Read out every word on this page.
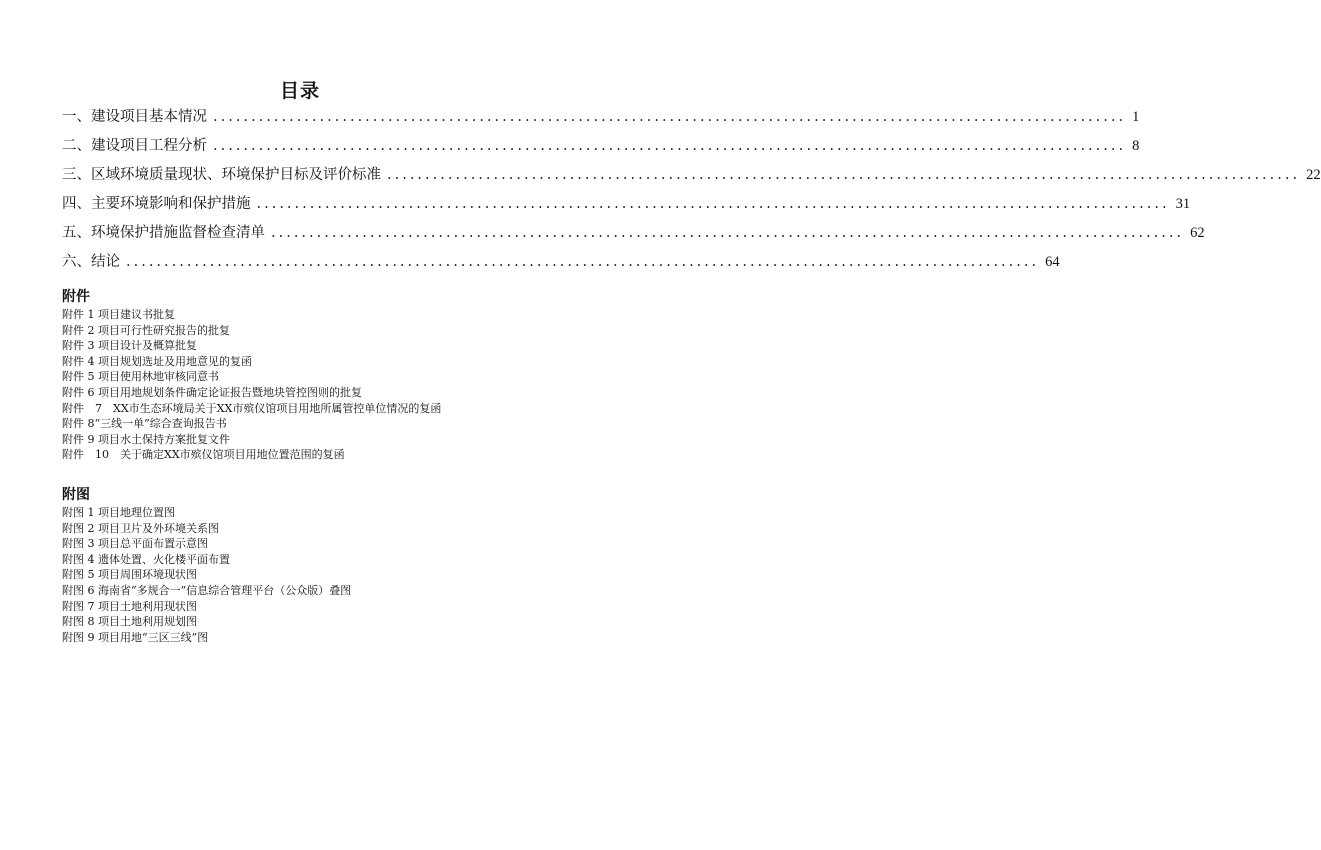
目录
一、建设项目基本情况 ........................................................................................................................ 1
二、建设项目工程分析 ........................................................................................................................ 8
三、区域环境质量现状、环境保护目标及评价标准 ........................................................................................................................ 22
四、主要环境影响和保护措施 ........................................................................................................................ 31
五、环境保护措施监督检查清单 ........................................................................................................................ 62
六、结论 ........................................................................................................................ 64
附件
附件 1 项目建议书批复
附件 2 项目可行性研究报告的批复
附件 3 项目设计及概算批复
附件 4 项目规划选址及用地意见的复函
附件 5 项目使用林地审核同意书
附件 6 项目用地规划条件确定论证报告暨地块管控图则的批复
附件　7　XX市生态环境局关于XX市殡仪馆项目用地所属管控单位情况的复函
附件 8“三线一单”综合查询报告书
附件 9 项目水土保持方案批复文件
附件　10　关于确定XX市殡仪馆项目用地位置范围的复函
附图
附图 1 项目地理位置图
附图 2 项目卫片及外环境关系图
附图 3 项目总平面布置示意图
附图 4 遗体处置、火化楼平面布置
附图 5 项目周围环境现状图
附图 6 海南省“多规合一”信息综合管理平台（公众版）叠图
附图 7 项目土地利用现状图
附图 8 项目土地利用规划图
附图 9 项目用地“三区三线”图
